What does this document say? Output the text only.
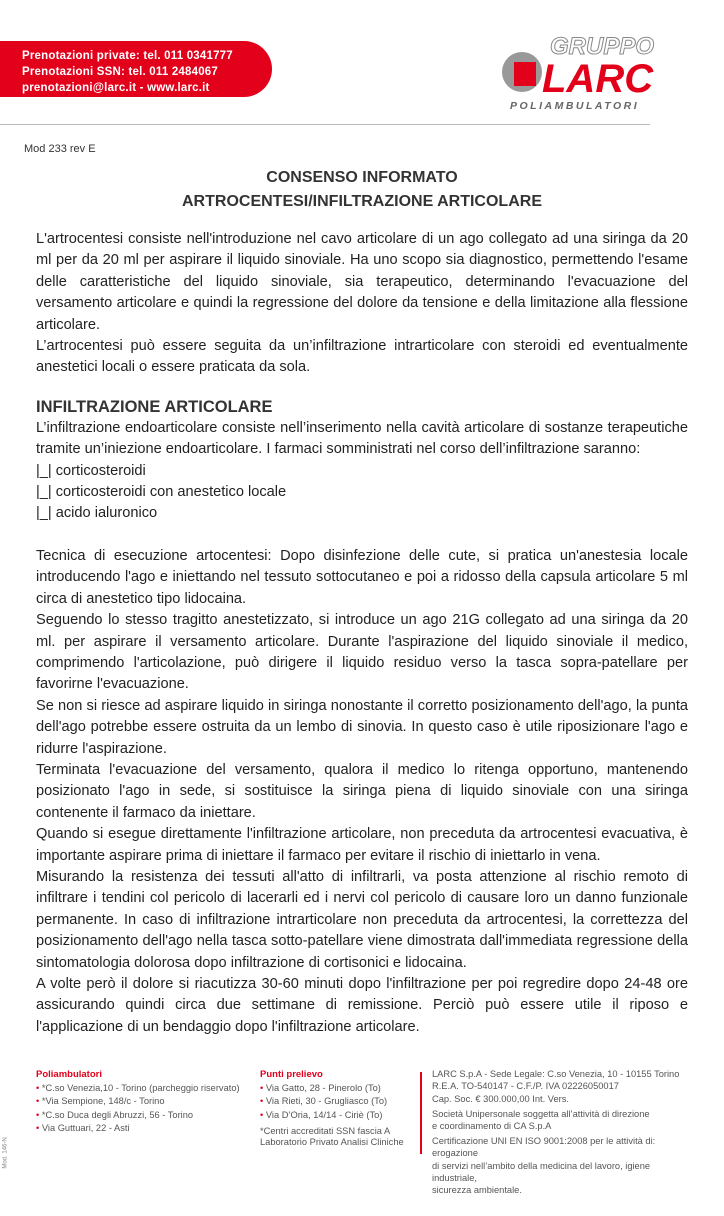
Prenotazioni private: tel. 011 0341777
Prenotazioni SSN: tel. 011 2484067
prenotazioni@larc.it - www.larc.it
GRUPPO
LARC
POLIAMBULATORI
Mod 233 rev E
CONSENSO INFORMATO
ARTROCENTESI/INFILTRAZIONE ARTICOLARE

L'artrocentesi consiste nell'introduzione nel cavo articolare di un ago collegato ad una siringa da 20 ml per da 20 ml per aspirare il liquido sinoviale. Ha uno scopo sia diagnostico, permettendo l'esame delle caratteristiche del liquido sinoviale, sia terapeutico, determinando l'evacuazione del versamento articolare e quindi la regressione del dolore da tensione e della limitazione alla flessione articolare.

L’artrocentesi può essere seguita da un’infiltrazione intrarticolare con steroidi ed eventualmente anestetici locali o essere praticata da sola.

INFILTRAZIONE ARTICOLARE

L’infiltrazione endoarticolare consiste nell’inserimento nella cavità articolare di sostanze terapeutiche tramite un’iniezione endoarticolare. I farmaci somministrati nel corso dell’infiltrazione saranno:

|_| corticosteroidi

|_| corticosteroidi con anestetico locale

|_| acido ialuronico

Tecnica di esecuzione artocentesi: Dopo disinfezione delle cute, si pratica un'anestesia locale introducendo l'ago e iniettando nel tessuto sottocutaneo e poi a ridosso della capsula articolare 5 ml circa di anestetico tipo lidocaina.

Seguendo lo stesso tragitto anestetizzato, si introduce un ago 21G collegato ad una siringa da 20 ml. per aspirare il versamento articolare. Durante l'aspirazione del liquido sinoviale il medico, comprimendo l'articolazione, può dirigere il liquido residuo verso la tasca sopra-patellare per favorirne l'evacuazione.

Se non si riesce ad aspirare liquido in siringa nonostante il corretto posizionamento dell'ago, la punta dell'ago potrebbe essere ostruita da un lembo di sinovia. In questo caso è utile riposizionare l'ago e ridurre l'aspirazione.

Terminata l'evacuazione del versamento, qualora il medico lo ritenga opportuno, mantenendo posizionato l'ago in sede, si sostituisce la siringa piena di liquido sinoviale con una siringa contenente il farmaco da iniettare.

Quando si esegue direttamente l'infiltrazione articolare, non preceduta da artrocentesi evacuativa, è importante aspirare prima di iniettare il farmaco per evitare il rischio di iniettarlo in vena.

Misurando la resistenza dei tessuti all'atto di infiltrarli, va posta attenzione al rischio remoto di infiltrare i tendini col pericolo di lacerarli ed i nervi col pericolo di causare loro un danno funzionale permanente. In caso di infiltrazione intrarticolare non preceduta da artrocentesi, la correttezza del posizionamento dell'ago nella tasca sotto-patellare viene dimostrata dall'immediata regressione della sintomatologia dolorosa dopo infiltrazione di cortisonici e lidocaina.

A volte però il dolore si riacutizza 30-60 minuti dopo l'infiltrazione per poi regredire dopo 24-48 ore assicurando quindi circa due settimane di remissione. Perciò può essere utile il riposo e l'applicazione di un bendaggio dopo l'infiltrazione articolare.

Poliambulatori
• *C.so Venezia,10 - Torino (parcheggio riservato)
• *Via Sempione, 148/c - Torino
• *C.so Duca degli Abruzzi, 56 - Torino
• Via Guttuari, 22 - Asti
Punti prelievo
• Via Gatto, 28 - Pinerolo (To)
• Via Rieti, 30 - Grugliasco (To)
• Via D’Oria, 14/14 - Ciriè (To)
*Centri accreditati SSN fascia A
Laboratorio Privato Analisi Cliniche
LARC S.p.A - Sede Legale: C.so Venezia, 10 - 10155 Torino
R.E.A. TO-540147 - C.F./P. IVA 02226050017
Cap. Soc. € 300.000,00 Int. Vers.
Società Unipersonale soggetta all’attività di direzione
e coordinamento di CA S.p.A
Certificazione UNI EN ISO 9001:2008 per le attività di: erogazione
di servizi nell’ambito della medicina del lavoro, igiene industriale,
sicurezza ambientale.
Mod. 146-N
